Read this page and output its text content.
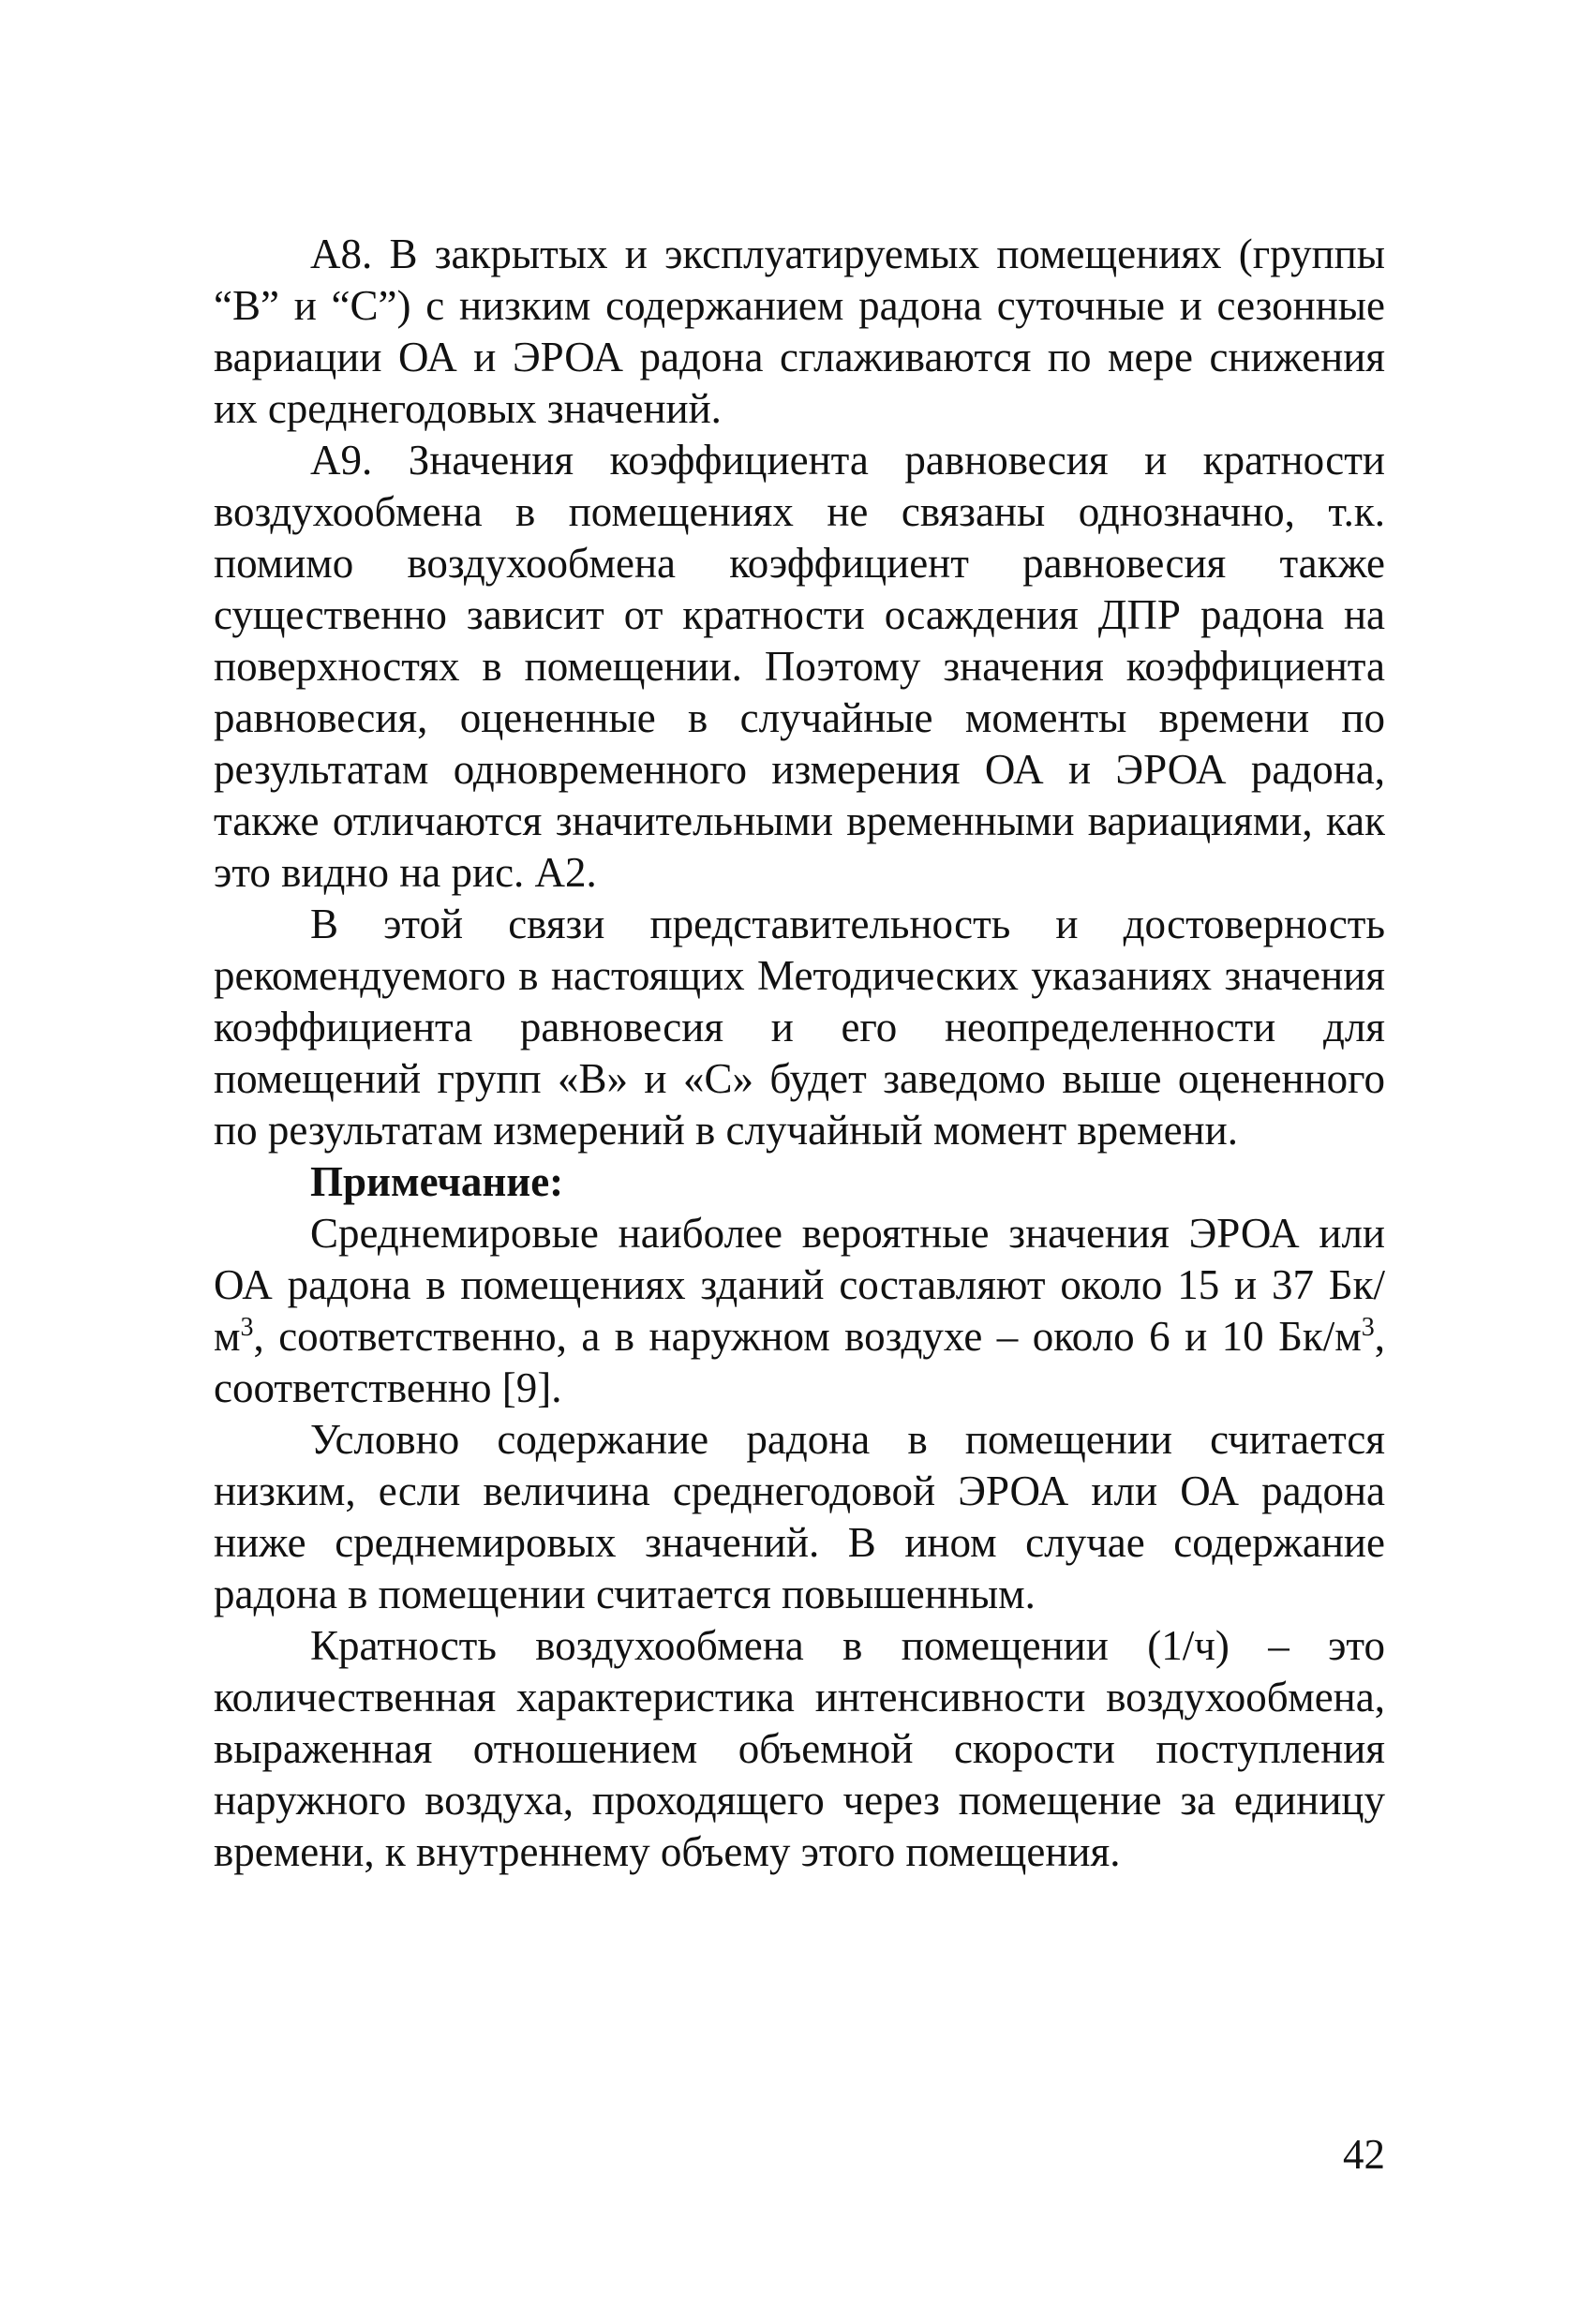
А8. В закрытых и эксплуатируемых помещениях (группы “В” и “С”) с низким содержанием радона суточные и сезонные вариации ОА и ЭРОА радона сглаживаются по мере снижения их среднегодовых значений.

А9. Значения коэффициента равновесия и кратности воздухообмена в помещениях не связаны однозначно, т.к. помимо воздухообмена коэффициент равновесия также существенно зависит от кратности осаждения ДПР радона на поверхностях в помещении. Поэтому значения коэффициента равновесия, оцененные в случайные моменты времени по результатам одновременного измерения ОА и ЭРОА радона, также отличаются значительными временными вариациями, как это видно на рис. А2.

В этой связи представительность и достоверность рекомендуемого в настоящих Методических указаниях значения коэффициента равновесия и его неопределенности для помещений групп «В» и «С» будет заведомо выше оцененного по результатам измерений в случайный момент времени.

Примечание:

Среднемировые наиболее вероятные значения ЭРОА или ОА радона в помещениях зданий составляют около 15 и 37 $Бк/м^3$, соответственно, а в наружном воздухе – около 6 и 10 $Бк/м^3$, соответственно [9].

Условно содержание радона в помещении считается низким, если величина среднегодовой ЭРОА или ОА радона ниже среднемировых значений. В ином случае содержание радона в помещении считается повышенным.

Кратность воздухообмена в помещении (1/ч) – это количественная характеристика интенсивности воздухообмена, выраженная отношением объемной скорости поступления наружного воздуха, проходящего через помещение за единицу времени, к внутреннему объему этого помещения.

42
